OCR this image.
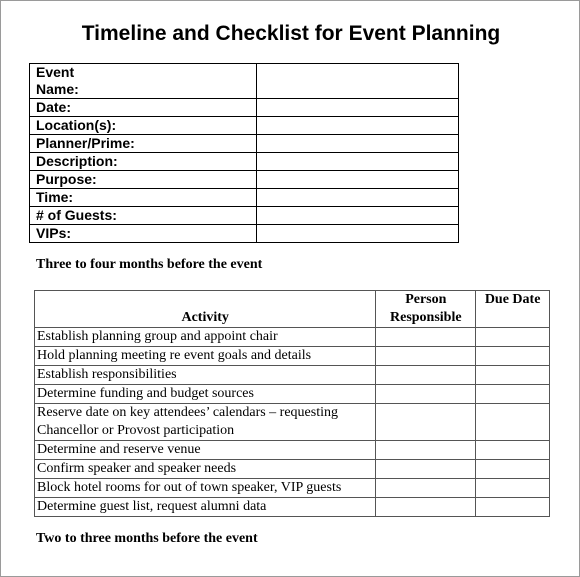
Timeline and Checklist for Event Planning
Event Name:	

Date:	
Location(s):	
Planner/Prime:	
Description:	
Purpose:	
Time:	
# of Guests:	
VIPs:	

Three to four months before the event

Activity	Person Responsible	Due Date
Establish planning group and appoint chair		
Hold planning meeting re event goals and details		
Establish responsibilities		
Determine funding and budget sources		
Reserve date on key attendees’ calendars – requesting Chancellor or Provost participation		
Determine and reserve venue		
Confirm speaker and speaker needs		
Block hotel rooms for out of town speaker, VIP guests		
Determine guest list, request alumni data		

Two to three months before the event
